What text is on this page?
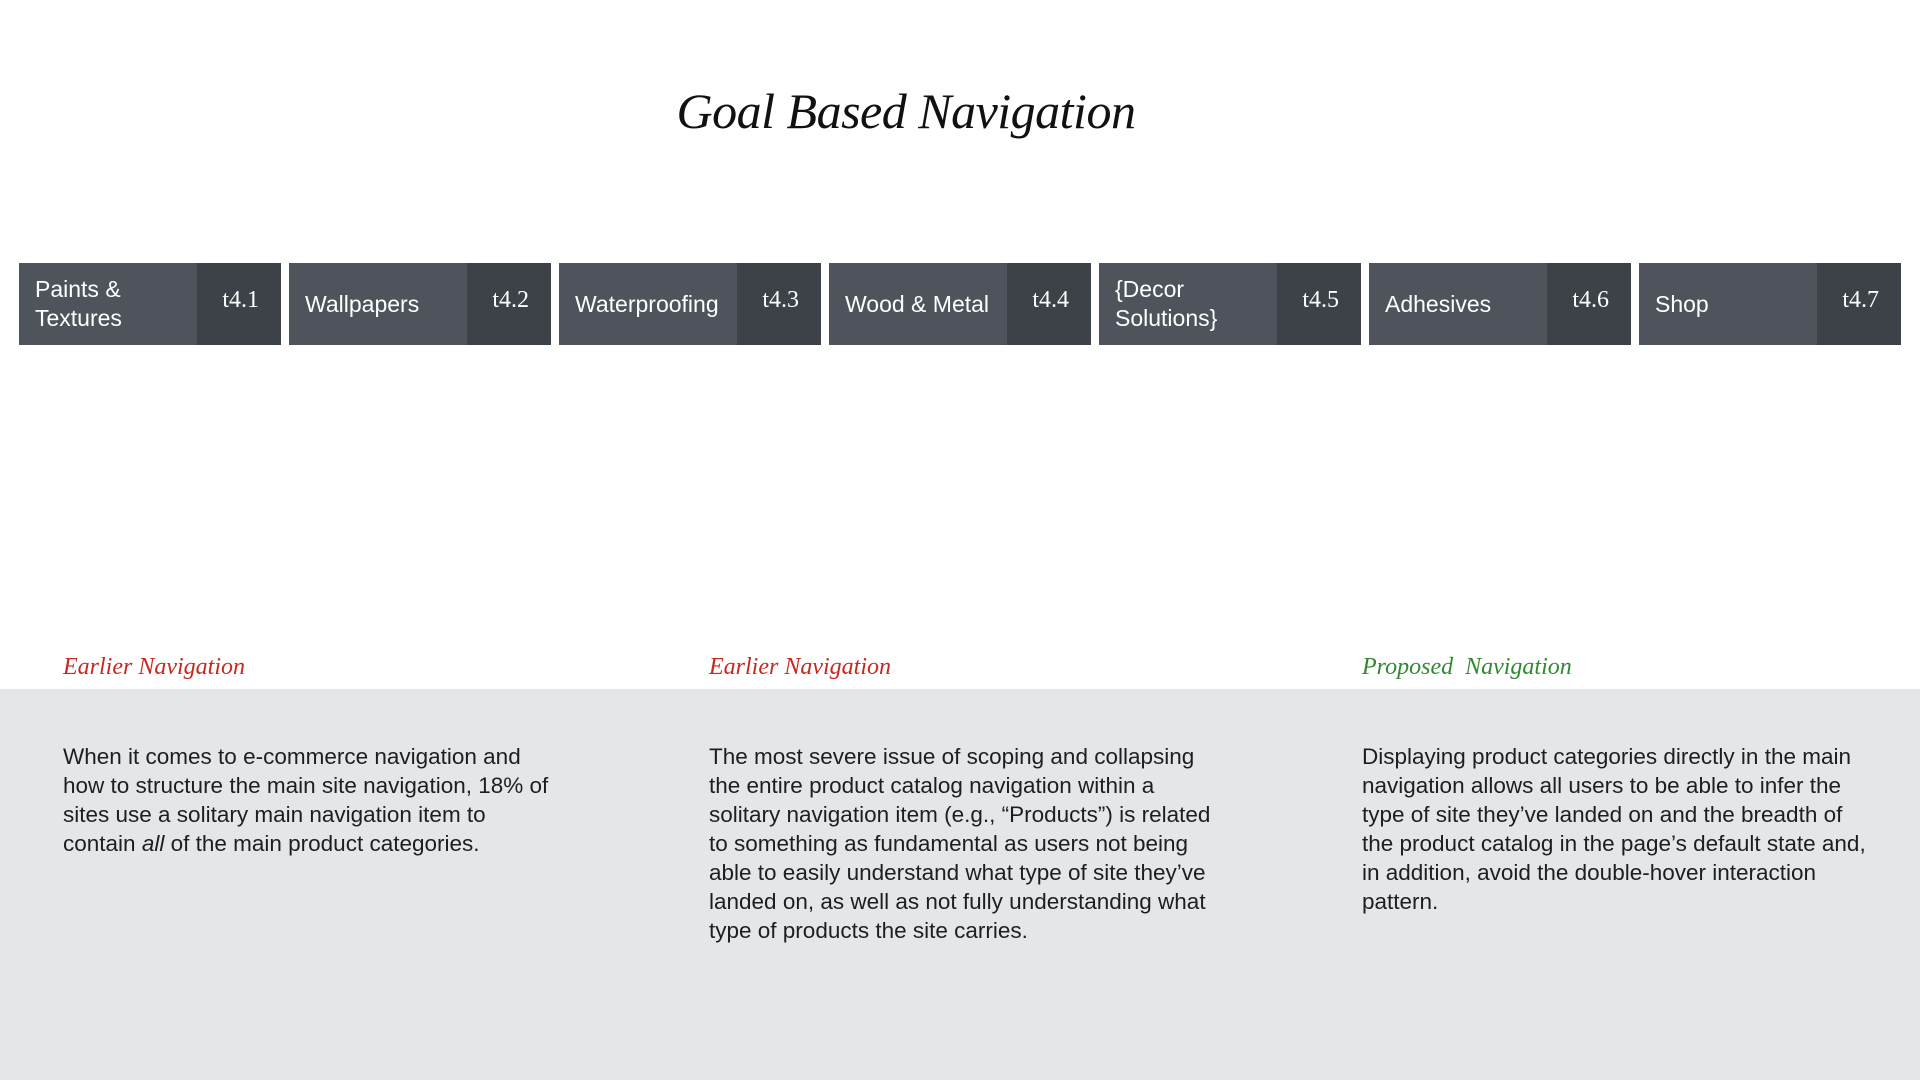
Goal Based Navigation
Paints & Textures
t4.1	Wallpapers	t4.2	Waterproofing	t4.3	Wood & Metal	t4.4	{Decor Solutions}
t4.5	Adhesives	t4.6	Shop	t4.7
Earlier Navigation	Earlier Navigation	Proposed  Navigation
When it comes to e-commerce navigation and how to structure the main site navigation, 18% of sites use a solitary main navigation item to contain all of the main product categories.
The most severe issue of scoping and collapsing the entire product catalog navigation within a solitary navigation item (e.g., “Products”) is related to something as fundamental as users not being able to easily understand what type of site they’ve landed on, as well as not fully understanding what type of products the site carries.
Displaying product categories directly in the main navigation allows all users to be able to infer the type of site they’ve landed on and the breadth of the product catalog in the page’s default state and, in addition, avoid the double-hover interaction pattern.
